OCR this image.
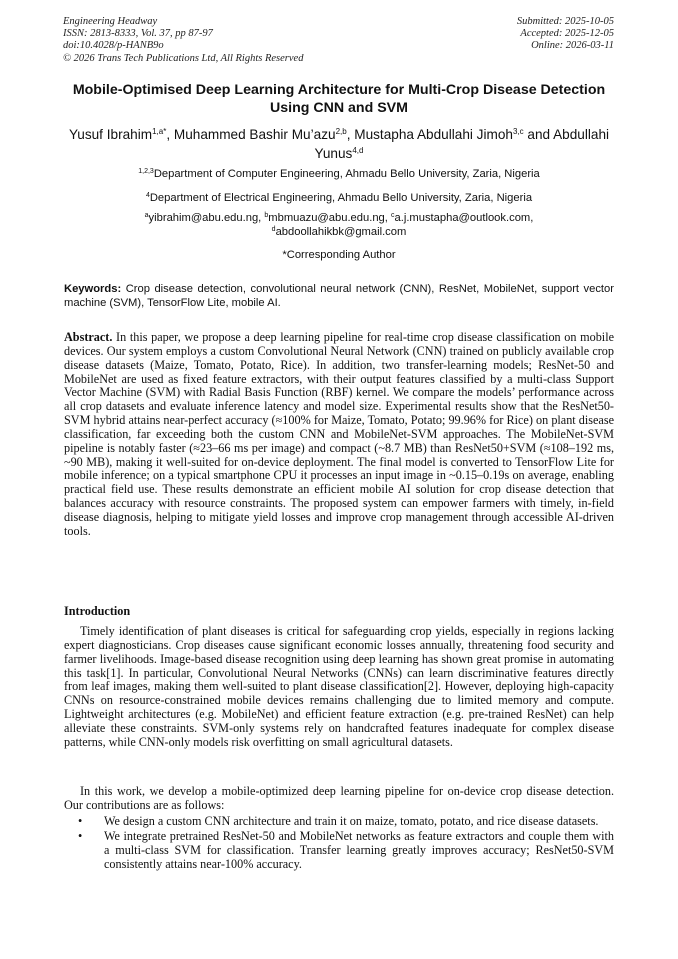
Engineering Headway
ISSN: 2813-8333, Vol. 37, pp 87-97
doi:10.4028/p-HANB9o
© 2026 Trans Tech Publications Ltd, All Rights Reserved
Submitted: 2025-10-05
Accepted: 2025-12-05
Online: 2026-03-11
Mobile-Optimised Deep Learning Architecture for Multi-Crop Disease Detection Using CNN and SVM
Yusuf Ibrahim$^{1,a*}$, Muhammed Bashir Mu’azu$^{2,b}$, Mustapha Abdullahi Jimoh$^{3,c}$ and Abdullahi Yunus$^{4,d}$
$^{1,2,3}$Department of Computer Engineering, Ahmadu Bello University, Zaria, Nigeria
$^4$Department of Electrical Engineering, Ahmadu Bello University, Zaria, Nigeria
$^a$yibrahim@abu.edu.ng, $^b$mbmuazu@abu.edu.ng, $^c$a.j.mustapha@outlook.com,
$^d$abdoollahikbk@gmail.com
*Corresponding Author

Keywords: Crop disease detection, convolutional neural network (CNN), ResNet, MobileNet, support vector machine (SVM), TensorFlow Lite, mobile AI.

Abstract. In this paper, we propose a deep learning pipeline for real-time crop disease classification on mobile devices. Our system employs a custom Convolutional Neural Network (CNN) trained on publicly available crop disease datasets (Maize, Tomato, Potato, Rice). In addition, two transfer-learning models; ResNet-50 and MobileNet are used as fixed feature extractors, with their output features classified by a multi-class Support Vector Machine (SVM) with Radial Basis Function (RBF) kernel. We compare the models’ performance across all crop datasets and evaluate inference latency and model size. Experimental results show that the ResNet50-SVM hybrid attains near-perfect accuracy (≈100% for Maize, Tomato, Potato; 99.96% for Rice) on plant disease classification, far exceeding both the custom CNN and MobileNet-SVM approaches. The MobileNet-SVM pipeline is notably faster (≈23–66 ms per image) and compact (~8.7 MB) than ResNet50+SVM (≈108–192 ms, ~90 MB), making it well-suited for on-device deployment. The final model is converted to TensorFlow Lite for mobile inference; on a typical smartphone CPU it processes an input image in ~0.15–0.19s on average, enabling practical field use. These results demonstrate an efficient mobile AI solution for crop disease detection that balances accuracy with resource constraints. The proposed system can empower farmers with timely, in-field disease diagnosis, helping to mitigate yield losses and improve crop management through accessible AI-driven tools.

Introduction

Timely identification of plant diseases is critical for safeguarding crop yields, especially in regions lacking expert diagnosticians. Crop diseases cause significant economic losses annually, threatening food security and farmer livelihoods. Image-based disease recognition using deep learning has shown great promise in automating this task[1]. In particular, Convolutional Neural Networks (CNNs) can learn discriminative features directly from leaf images, making them well-suited to plant disease classification[2]. However, deploying high-capacity CNNs on resource-constrained mobile devices remains challenging due to limited memory and compute. Lightweight architectures (e.g. MobileNet) and efficient feature extraction (e.g. pre-trained ResNet) can help alleviate these constraints. SVM-only systems rely on handcrafted features inadequate for complex disease patterns, while CNN-only models risk overfitting on small agricultural datasets.

In this work, we develop a mobile-optimized deep learning pipeline for on-device crop disease detection. Our contributions are as follows:

• We design a custom CNN architecture and train it on maize, tomato, potato, and rice disease datasets.
• We integrate pretrained ResNet-50 and MobileNet networks as feature extractors and couple them with a multi-class SVM for classification. Transfer learning greatly improves accuracy; ResNet50-SVM consistently attains near-100% accuracy.
